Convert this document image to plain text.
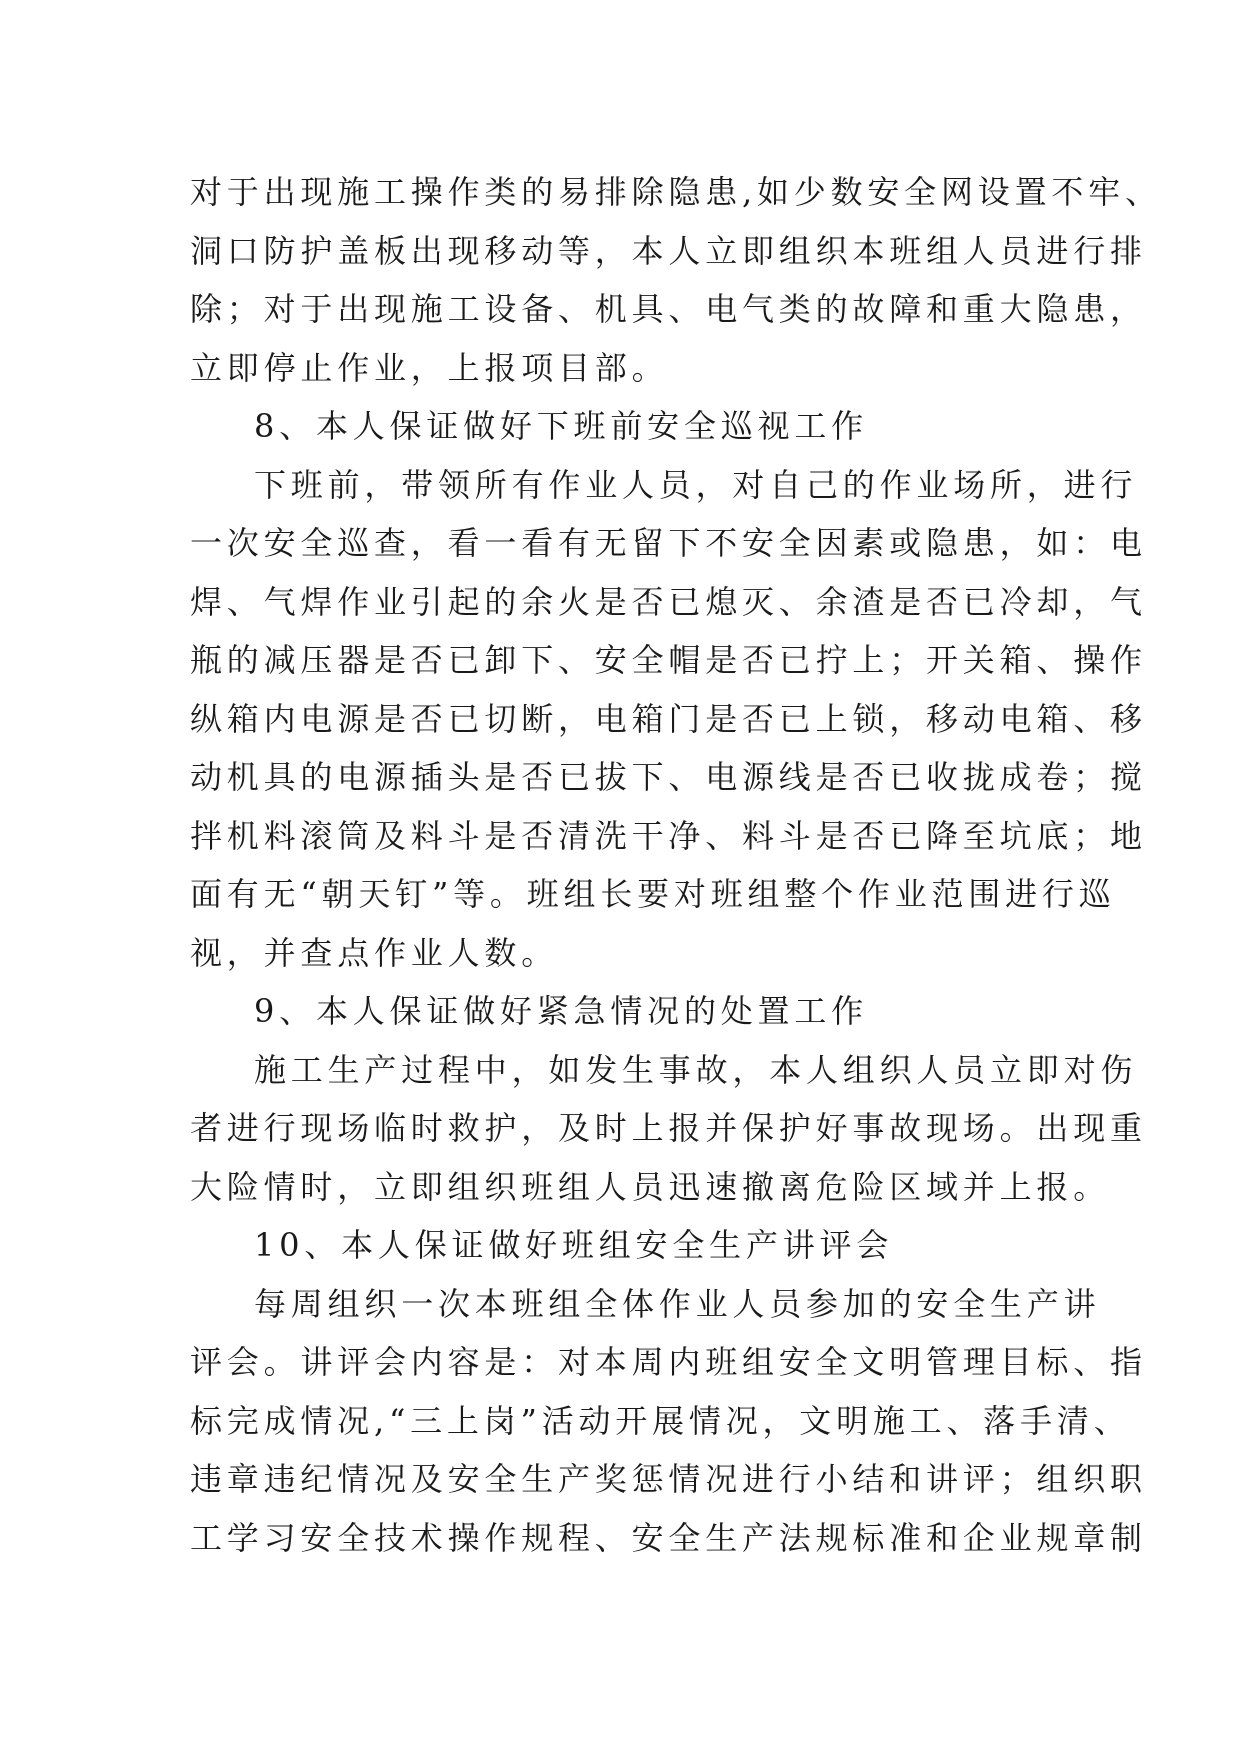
对于出现施工操作类的易排除隐患,如少数安全网设置不牢、
洞口防护盖板出现移动等，本人立即组织本班组人员进行排
除；对于出现施工设备、机具、电气类的故障和重大隐患，
立即停止作业，上报项目部。
8、本人保证做好下班前安全巡视工作
下班前，带领所有作业人员，对自己的作业场所，进行
一次安全巡查，看一看有无留下不安全因素或隐患，如：电
焊、气焊作业引起的余火是否已熄灭、余渣是否已冷却，气
瓶的减压器是否已卸下、安全帽是否已拧上；开关箱、操作
纵箱内电源是否已切断，电箱门是否已上锁，移动电箱、移
动机具的电源插头是否已拔下、电源线是否已收拢成卷；搅
拌机料滚筒及料斗是否清洗干净、料斗是否已降至坑底；地
面有无“朝天钉”等。班组长要对班组整个作业范围进行巡
视，并查点作业人数。
9、本人保证做好紧急情况的处置工作
施工生产过程中，如发生事故，本人组织人员立即对伤
者进行现场临时救护，及时上报并保护好事故现场。出现重
大险情时，立即组织班组人员迅速撤离危险区域并上报。
10、本人保证做好班组安全生产讲评会
每周组织一次本班组全体作业人员参加的安全生产讲
评会。讲评会内容是：对本周内班组安全文明管理目标、指
标完成情况,“三上岗”活动开展情况，文明施工、落手清、
违章违纪情况及安全生产奖惩情况进行小结和讲评；组织职
工学习安全技术操作规程、安全生产法规标准和企业规章制
